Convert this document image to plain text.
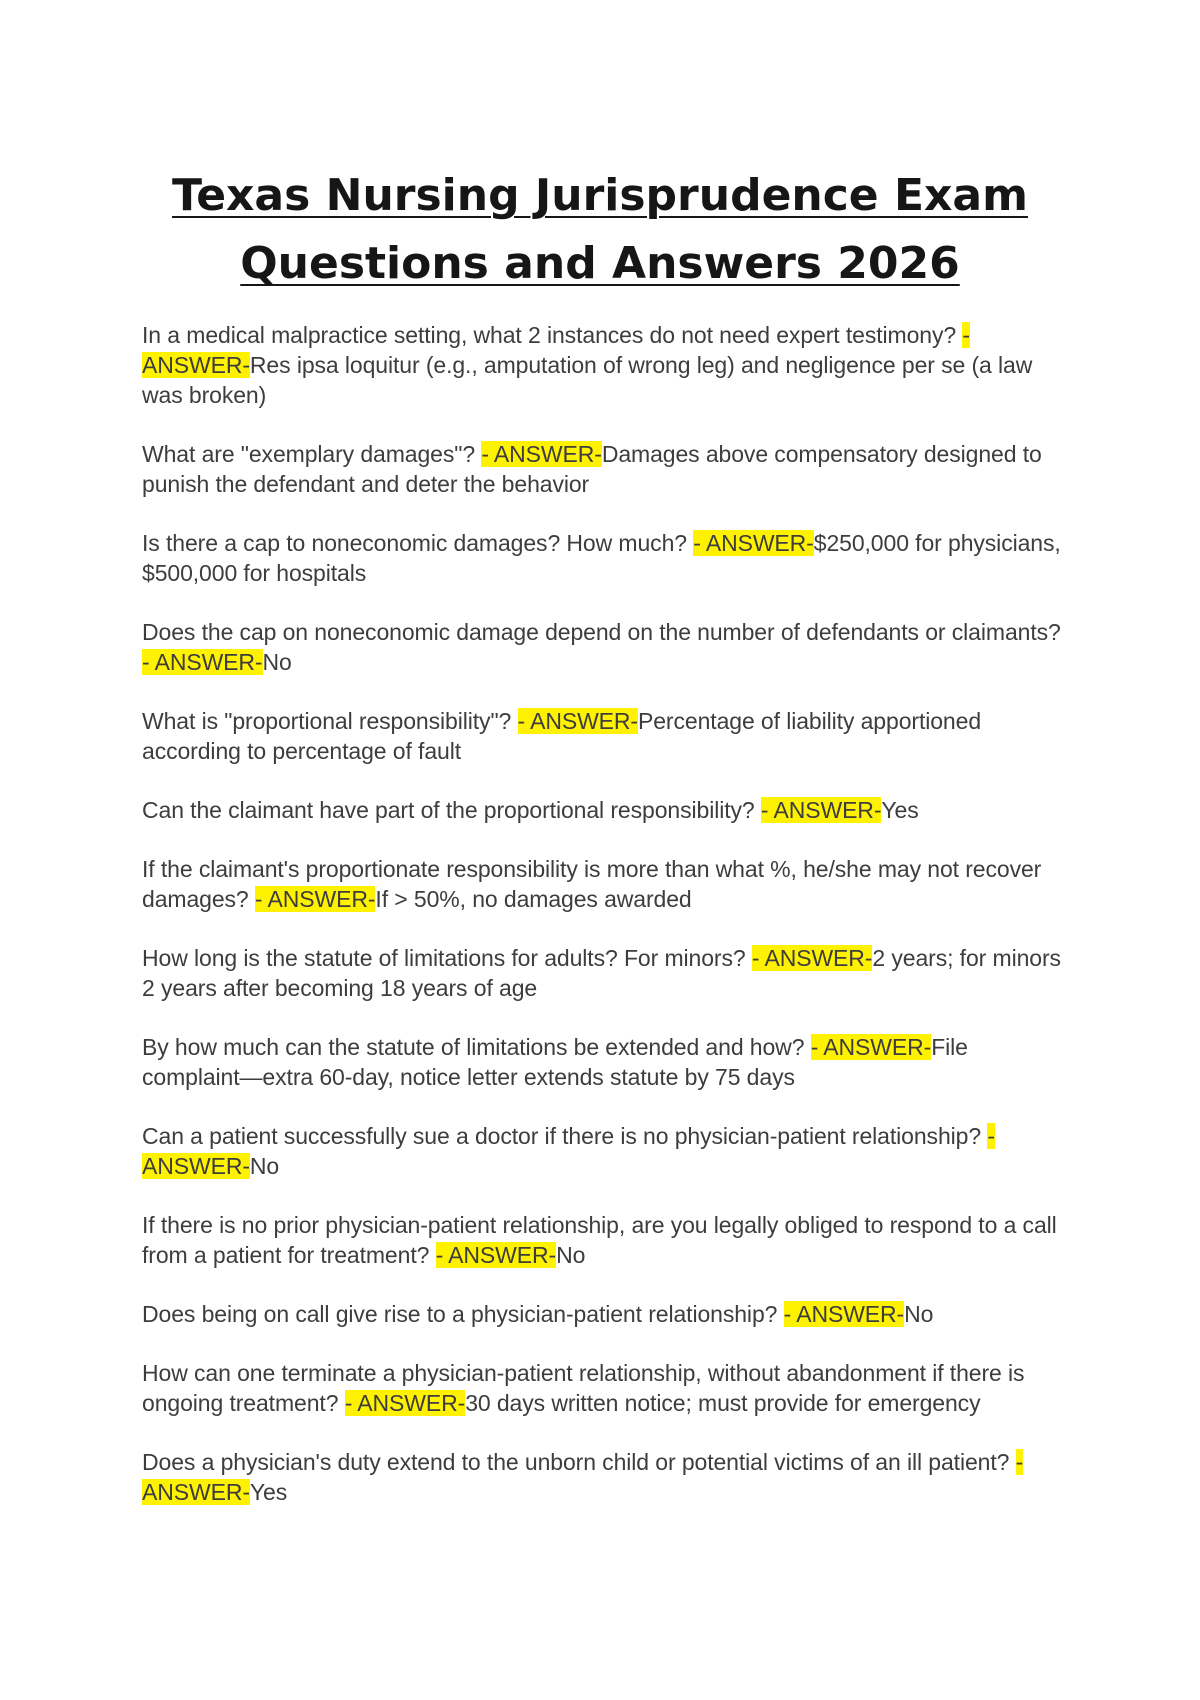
Texas Nursing Jurisprudence Exam
Questions and Answers 2026

In a medical malpractice setting, what 2 instances do not need expert testimony? - ANSWER-Res ipsa loquitur (e.g., amputation of wrong leg) and negligence per se (a law was broken)

What are "exemplary damages"? - ANSWER-Damages above compensatory designed to punish the defendant and deter the behavior

Is there a cap to noneconomic damages? How much? - ANSWER-$250,000 for physicians, $500,000 for hospitals

Does the cap on noneconomic damage depend on the number of defendants or claimants? - ANSWER-No

What is "proportional responsibility"? - ANSWER-Percentage of liability apportioned according to percentage of fault

Can the claimant have part of the proportional responsibility? - ANSWER-Yes

If the claimant's proportionate responsibility is more than what %, he/she may not recover damages? - ANSWER-If > 50%, no damages awarded

How long is the statute of limitations for adults? For minors? - ANSWER-2 years; for minors 2 years after becoming 18 years of age

By how much can the statute of limitations be extended and how? - ANSWER-File complaint—extra 60-day, notice letter extends statute by 75 days

Can a patient successfully sue a doctor if there is no physician-patient relationship? - ANSWER-No

If there is no prior physician-patient relationship, are you legally obliged to respond to a call from a patient for treatment? - ANSWER-No

Does being on call give rise to a physician-patient relationship? - ANSWER-No

How can one terminate a physician-patient relationship, without abandonment if there is ongoing treatment? - ANSWER-30 days written notice; must provide for emergency

Does a physician's duty extend to the unborn child or potential victims of an ill patient? - ANSWER-Yes
